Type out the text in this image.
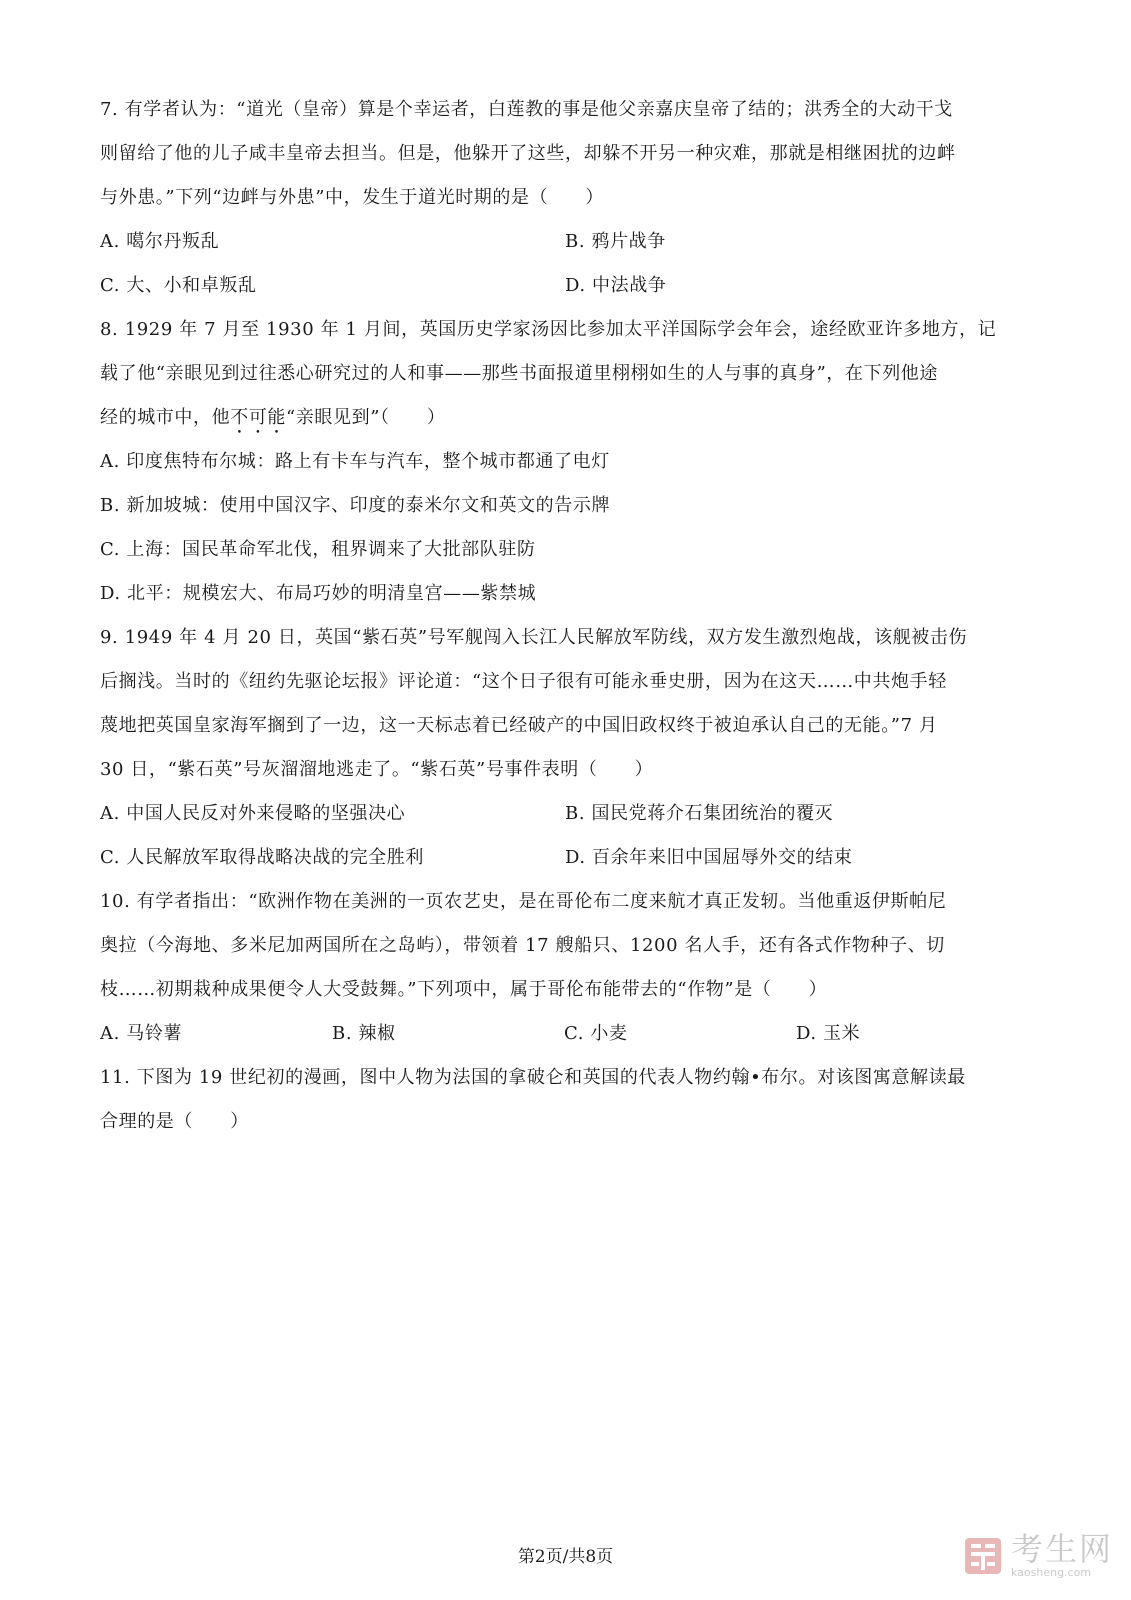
7. 有学者认为：“道光（皇帝）算是个幸运者，白莲教的事是他父亲嘉庆皇帝了结的；洪秀全的大动干戈
则留给了他的儿子咸丰皇帝去担当。但是，他躲开了这些，却躲不开另一种灾难，那就是相继困扰的边衅
与外患。”下列“边衅与外患”中，发生于道光时期的是（　　）
A. 噶尔丹叛乱	B. 鸦片战争
C. 大、小和卓叛乱	D. 中法战争
8. 1929 年 7 月至 1930 年 1 月间，英国历史学家汤因比参加太平洋国际学会年会，途经欧亚许多地方，记
载了他“亲眼见到过往悉心研究过的人和事——那些书面报道里栩栩如生的人与事的真身”，在下列他途
经的城市中，他不可能“亲眼见到”（　　）
A. 印度焦特布尔城：路上有卡车与汽车，整个城市都通了电灯
B. 新加坡城：使用中国汉字、印度的泰米尔文和英文的告示牌
C. 上海：国民革命军北伐，租界调来了大批部队驻防
D. 北平：规模宏大、布局巧妙的明清皇宫——紫禁城
9. 1949 年 4 月 20 日，英国“紫石英”号军舰闯入长江人民解放军防线，双方发生激烈炮战，该舰被击伤
后搁浅。当时的《纽约先驱论坛报》评论道：“这个日子很有可能永垂史册，因为在这天……中共炮手轻
蔑地把英国皇家海军搁到了一边，这一天标志着已经破产的中国旧政权终于被迫承认自己的无能。”7 月
30 日，“紫石英”号灰溜溜地逃走了。“紫石英”号事件表明（　　）
A. 中国人民反对外来侵略的坚强决心	B. 国民党蒋介石集团统治的覆灭
C. 人民解放军取得战略决战的完全胜利	D. 百余年来旧中国屈辱外交的结束
10. 有学者指出：“欧洲作物在美洲的一页农艺史，是在哥伦布二度来航才真正发轫。当他重返伊斯帕尼
奥拉（今海地、多米尼加两国所在之岛屿），带领着 17 艘船只、1200 名人手，还有各式作物种子、切
枝……初期栽种成果便令人大受鼓舞。”下列项中，属于哥伦布能带去的“作物”是（　　）
A. 马铃薯	B. 辣椒	C. 小麦	D. 玉米
11. 下图为 19 世纪初的漫画，图中人物为法国的拿破仑和英国的代表人物约翰•布尔。对该图寓意解读最
合理的是（　　）
第2页/共8页	考生网
kaosheng.com
